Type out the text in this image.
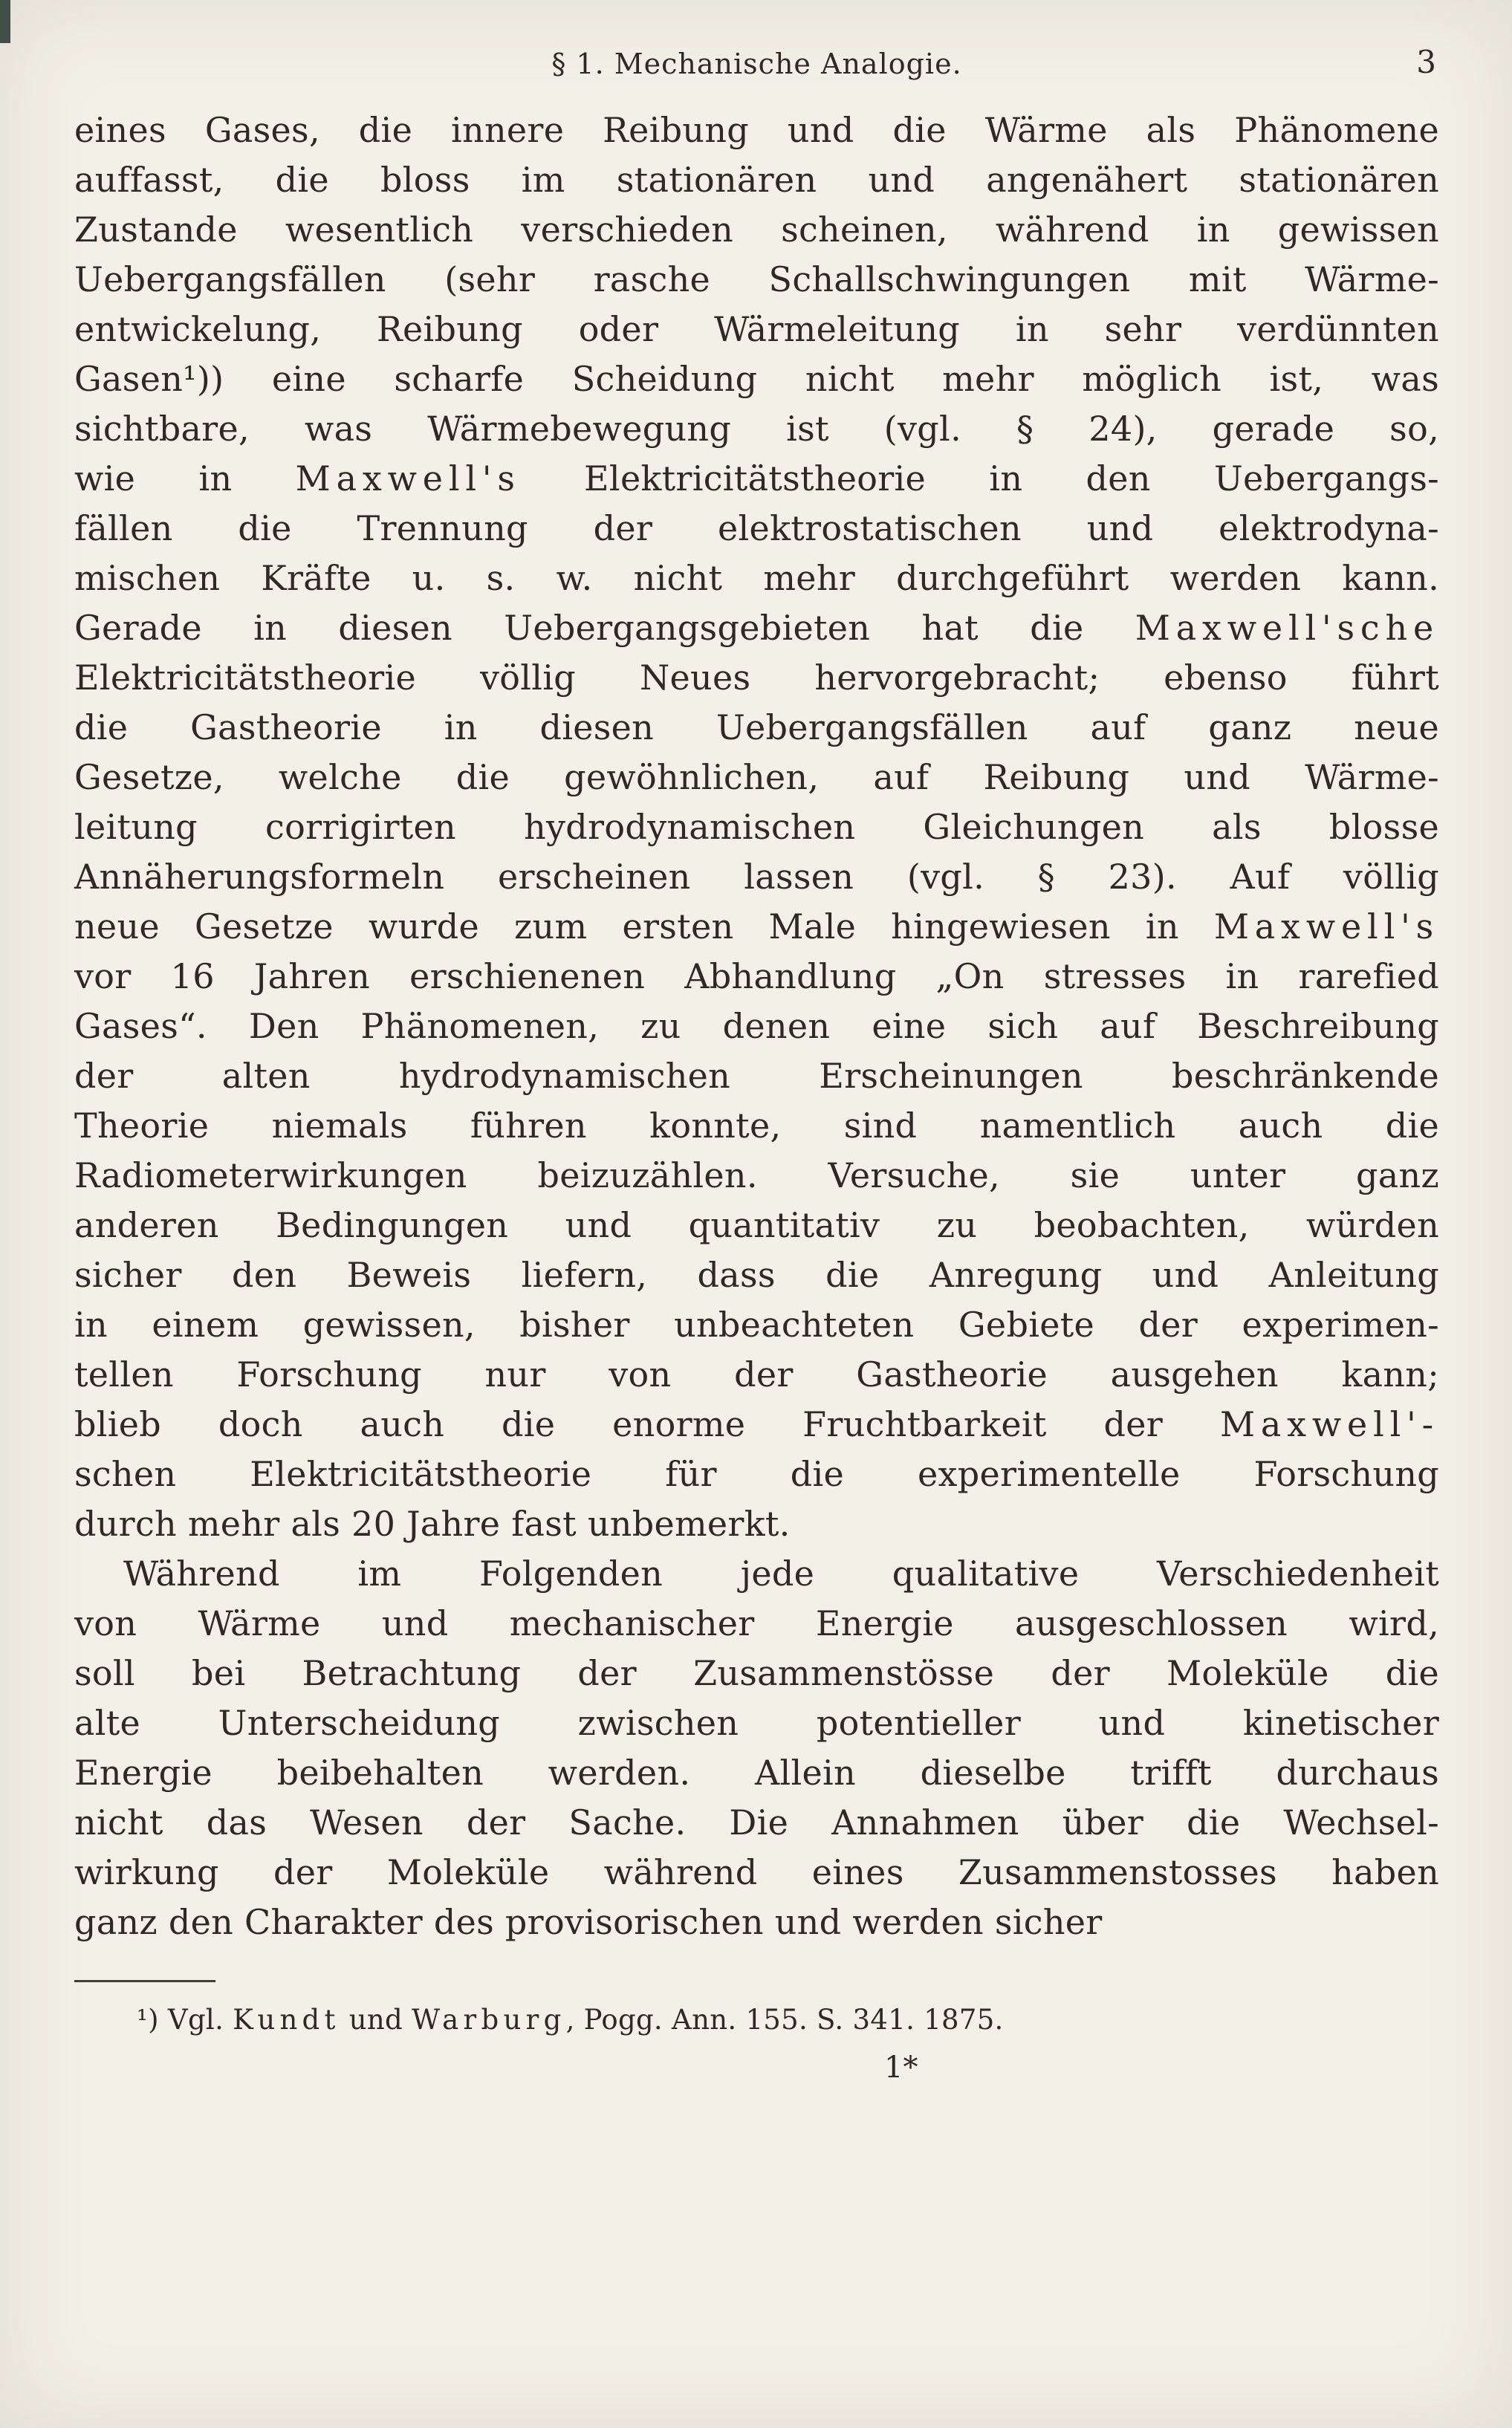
§ 1. Mechanische Analogie.	3
eines Gases, die innere Reibung und die Wärme als Phänomene
auffasst, die bloss im stationären und angenähert stationären
Zustande wesentlich verschieden scheinen, während in gewissen
Uebergangsfällen (sehr rasche Schallschwingungen mit Wärme-
entwickelung, Reibung oder Wärmeleitung in sehr verdünnten
Gasen¹)) eine scharfe Scheidung nicht mehr möglich ist, was
sichtbare, was Wärmebewegung ist (vgl. § 24), gerade so,
wie in Maxwell's Elektricitätstheorie in den Uebergangs-
fällen die Trennung der elektrostatischen und elektrodyna-
mischen Kräfte u. s. w. nicht mehr durchgeführt werden kann.
Gerade in diesen Uebergangsgebieten hat die Maxwell'sche
Elektricitätstheorie völlig Neues hervorgebracht; ebenso führt
die Gastheorie in diesen Uebergangsfällen auf ganz neue
Gesetze, welche die gewöhnlichen, auf Reibung und Wärme-
leitung corrigirten hydrodynamischen Gleichungen als blosse
Annäherungsformeln erscheinen lassen (vgl. § 23). Auf völlig
neue Gesetze wurde zum ersten Male hingewiesen in Maxwell's
vor 16 Jahren erschienenen Abhandlung „On stresses in rarefied
Gases“. Den Phänomenen, zu denen eine sich auf Beschreibung
der alten hydrodynamischen Erscheinungen beschränkende
Theorie niemals führen konnte, sind namentlich auch die
Radiometerwirkungen beizuzählen. Versuche, sie unter ganz
anderen Bedingungen und quantitativ zu beobachten, würden
sicher den Beweis liefern, dass die Anregung und Anleitung
in einem gewissen, bisher unbeachteten Gebiete der experimen-
tellen Forschung nur von der Gastheorie ausgehen kann;
blieb doch auch die enorme Fruchtbarkeit der Maxwell'-
schen Elektricitätstheorie für die experimentelle Forschung
durch mehr als 20 Jahre fast unbemerkt.
Während im Folgenden jede qualitative Verschiedenheit
von Wärme und mechanischer Energie ausgeschlossen wird,
soll bei Betrachtung der Zusammenstösse der Moleküle die
alte Unterscheidung zwischen potentieller und kinetischer
Energie beibehalten werden. Allein dieselbe trifft durchaus
nicht das Wesen der Sache. Die Annahmen über die Wechsel-
wirkung der Moleküle während eines Zusammenstosses haben
ganz den Charakter des provisorischen und werden sicher
¹) Vgl. Kundt und Warburg, Pogg. Ann. 155. S. 341. 1875.
1*
